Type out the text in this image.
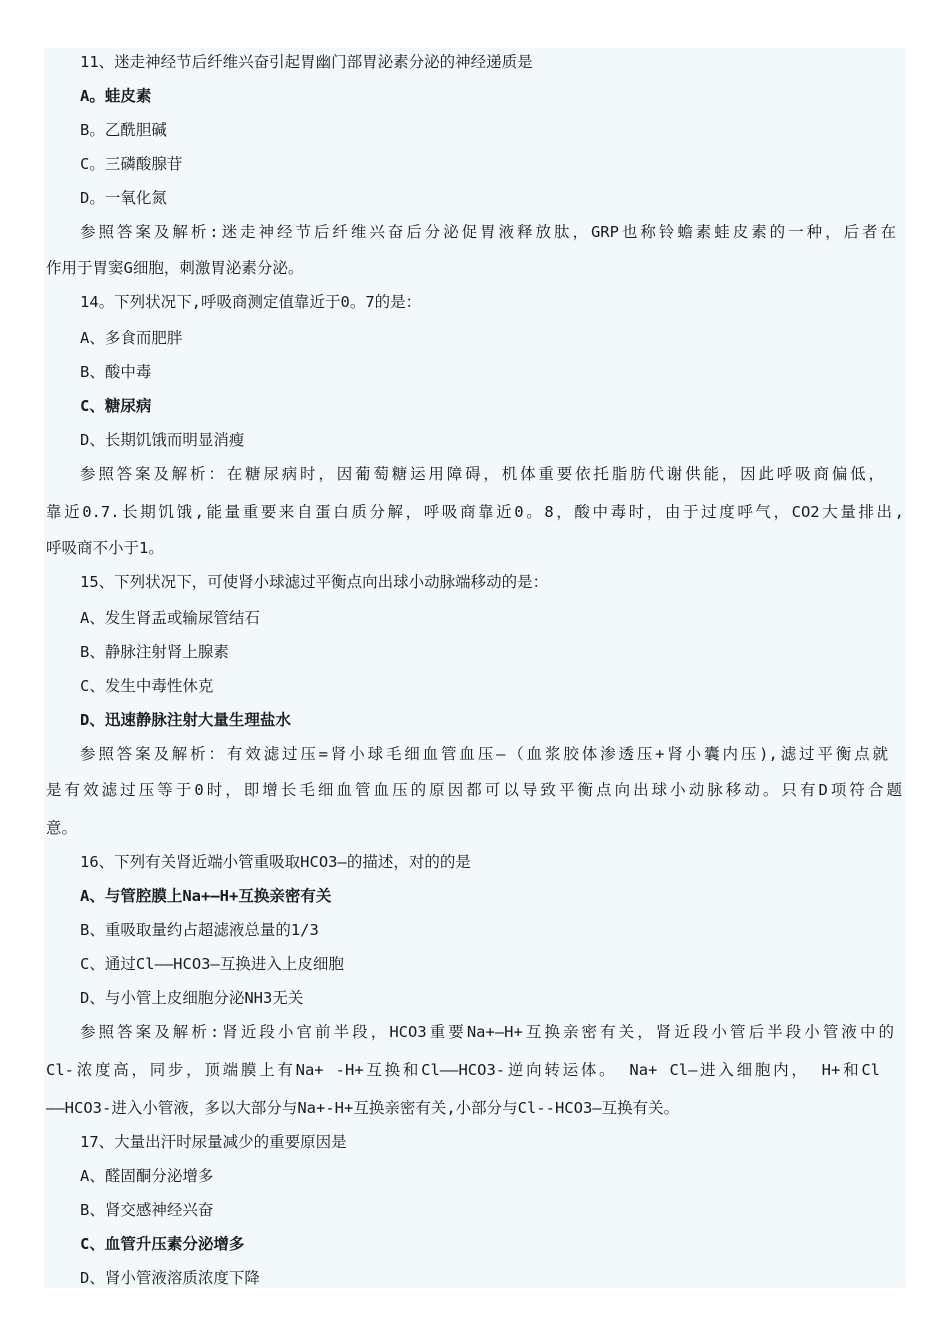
11、迷走神经节后纤维兴奋引起胃幽门部胃泌素分泌的神经递质是
A。蛙皮素
B。乙酰胆碱
C。三磷酸腺苷
D。一氧化氮
参照答案及解析:迷走神经节后纤维兴奋后分泌促胃液释放肽，GRP也称铃蟾素蛙皮素的一种，后者在
作用于胃窦G细胞，刺激胃泌素分泌。
14。下列状况下,呼吸商测定值靠近于0。7的是：
A、多食而肥胖
B、酸中毒
C、糖尿病
D、长期饥饿而明显消瘦
参照答案及解析：在糖尿病时，因葡萄糖运用障碍，机体重要依托脂肪代谢供能，因此呼吸商偏低，
靠近0.7.长期饥饿,能量重要来自蛋白质分解，呼吸商靠近0。8，酸中毒时，由于过度呼气，CO2大量排出,
呼吸商不小于1。
15、下列状况下，可使肾小球滤过平衡点向出球小动脉端移动的是：
A、发生肾盂或输尿管结石
B、静脉注射肾上腺素
C、发生中毒性休克
D、迅速静脉注射大量生理盐水
参照答案及解析：有效滤过压=肾小球毛细血管血压—（血浆胶体渗透压+肾小囊内压),滤过平衡点就
是有效滤过压等于0时，即增长毛细血管血压的原因都可以导致平衡点向出球小动脉移动。只有D项符合题
意。
16、下列有关肾近端小管重吸取HCO3—的描述，对的的是
A、与管腔膜上Na+—H+互换亲密有关
B、重吸取量约占超滤液总量的1/3
C、通过Cl——HCO3—互换进入上皮细胞
D、与小管上皮细胞分泌NH3无关
参照答案及解析:肾近段小官前半段，HCO3重要Na+—H+互换亲密有关，肾近段小管后半段小管液中的
Cl-浓度高，同步，顶端膜上有Na+ -H+互换和Cl——HCO3-逆向转运体。 Na+ Cl—进入细胞内， H+和Cl
——HCO3-进入小管液，多以大部分与Na+-H+互换亲密有关,小部分与Cl--HCO3—互换有关。
17、大量出汗时尿量减少的重要原因是
A、醛固酮分泌增多
B、肾交感神经兴奋
C、血管升压素分泌增多
D、肾小管液溶质浓度下降
